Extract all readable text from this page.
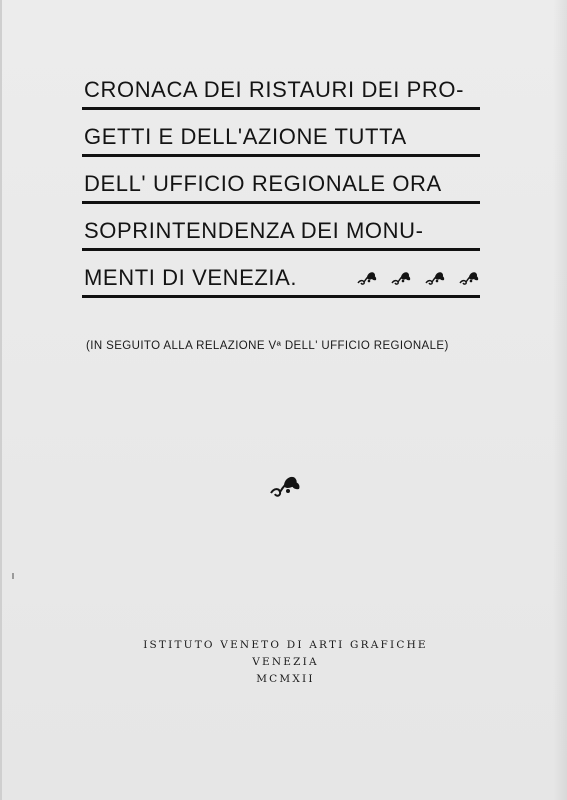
CRONACA DEI RISTAURI DEI PRO-
GETTI E DELL'AZIONE TUTTA
DELL' UFFICIO REGIONALE ORA
SOPRINTENDENZA DEI MONU-
MENTI DI VENEZIA.
(IN SEGUITO ALLA RELAZIONE Vª DELL' UFFICIO REGIONALE)
ISTITUTO VENETO DI ARTI GRAFICHE
VENEZIA
MCMXII
